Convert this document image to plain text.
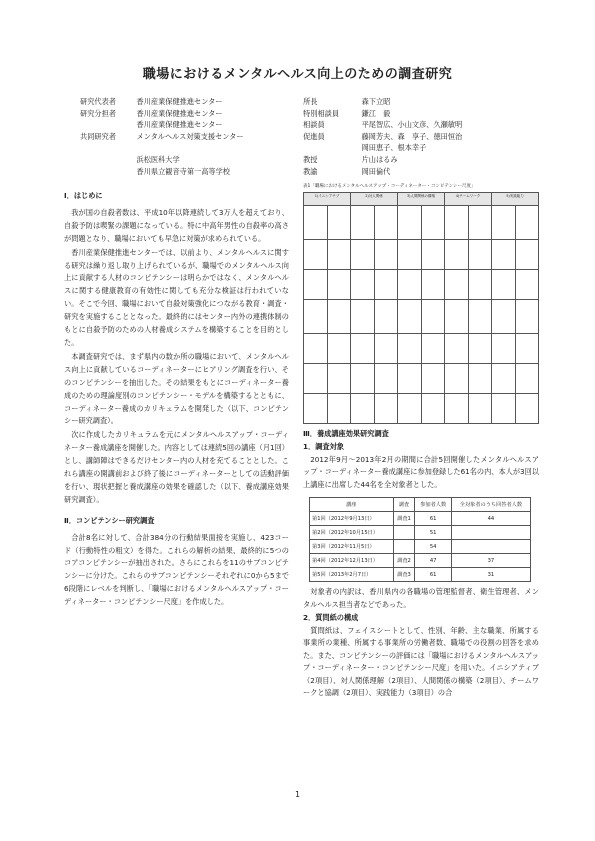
職場におけるメンタルヘルス向上のための調査研究
研究代表者	香川産業保健推進センター	所長	森下立昭
研究分担者	香川産業保健推進センター	特別相談員	鎌江　毅
香川産業保健推進センター	相談員	平尾智広、小山文彦、久瀬敏明
共同研究者	メンタルヘルス対策支援センター	促進員	藤岡芳夫、森　享子、徳田恒治
岡田恵子、根本幸子
浜松医科大学	教授	片山はるみ
香川県立観音寺第一高等学校	教諭	岡田倫代
Ⅰ．はじめに
我が国の自殺者数は、平成10年以降連続して3万人を超えており、自殺予防は喫緊の課題になっている。特に中高年男性の自殺率の高さが問題となり、職場においても早急に対策が求められている。
香川産業保健推進センターでは、以前より、メンタルヘルスに関する研究は繰り返し取り上げられているが、職場でのメンタルヘルス向上に貢献する人材のコンピテンシーは明らかではなく、メンタルヘルスに関する健康教育の有効性に関しても充分な検証は行われていない。そこで今回、職場において自殺対策強化につながる教育・調査・研究を実施することとなった。最終的にはセンター内外の連携体制のもとに自殺予防のための人材養成システムを構築することを目的とした。
本調査研究では、まず県内の数か所の職場において、メンタルヘルス向上に貢献しているコーディネーターにヒアリング調査を行い、そのコンピテンシーを抽出した。その結果をもとにコーディネーター養成のための理論度別のコンピテンシー・モデルを構築するとともに、コーディネーター養成のカリキュラムを開発した（以下、コンピテンシー研究調査）。
次に作成したカリキュラムを元にメンタルヘルスアップ・コーディネーター養成講座を開催した。内容としては連続5回の講座（月1回）とし、講師陣はできるだけセンター内の人材を充てることとした。これら講座の開講前および終了後にコーディネーターとしての活動評価を行い、現状把握と養成講座の効果を確認した（以下、養成講座効果研究調査）。
Ⅱ．コンピテンシー研究調査
合計8名に対して、合計384分の行動結果面接を実施し、423コード（行動特性の粗文）を得た。これらの解析の結果、最終的に5つのコアコンピテンシーが抽出された。さらにこれらを11のサブコンピテンシーに分けた。これらのサブコンピテンシーそれぞれに0から5まで6段階にレベルを判断し、「職場におけるメンタルヘルスアップ・コーディネーター・コンピテンシー尺度」を作成した。
表1「職場におけるメンタルヘルスアップ・コーディネーター・コンピテンシー尺度」
1)イニシアチブ		2)対人関係		3)人間関係の構築		4)チームワーク		5)実践能力	

Ⅲ．養成講座効果研究調査
1．調査対象
2012年9月～2013年2月の期間に合計5回開催したメンタルヘルスアップ・コーディネーター養成講座に参加登録した61名の内、本人が3回以上講座に出席した44名を全対象者とした。
講座	調査	参加者人数	全対象者のうち回答者人数
第1回（2012年9月13日）	調査1	61	44
第2回（2012年10月15日）		51	
第3回（2012年11月5日）		54	
第4回（2012年12月13日）	調査2	47	37
第5回（2013年2月7日）	調査3	61	31
対象者の内訳は、香川県内の各職場の管理監督者、衛生管理者、メンタルヘルス担当者などであった。
2．質問紙の構成
質問紙は、フェイスシートとして、性別、年齢、主な職業、所属する事業所の業種、所属する事業所の労働者数、職場での役割の回答を求めた。また、コンピテンシーの評価には「職場におけるメンタルヘルスアップ・コーディネーター・コンピテンシー尺度」を用いた。イニシアティブ（2項目）、対人関係理解（2項目）、人間関係の構築（2項目）、チームワークと協調（2項目）、実践能力（3項目）の合
1
